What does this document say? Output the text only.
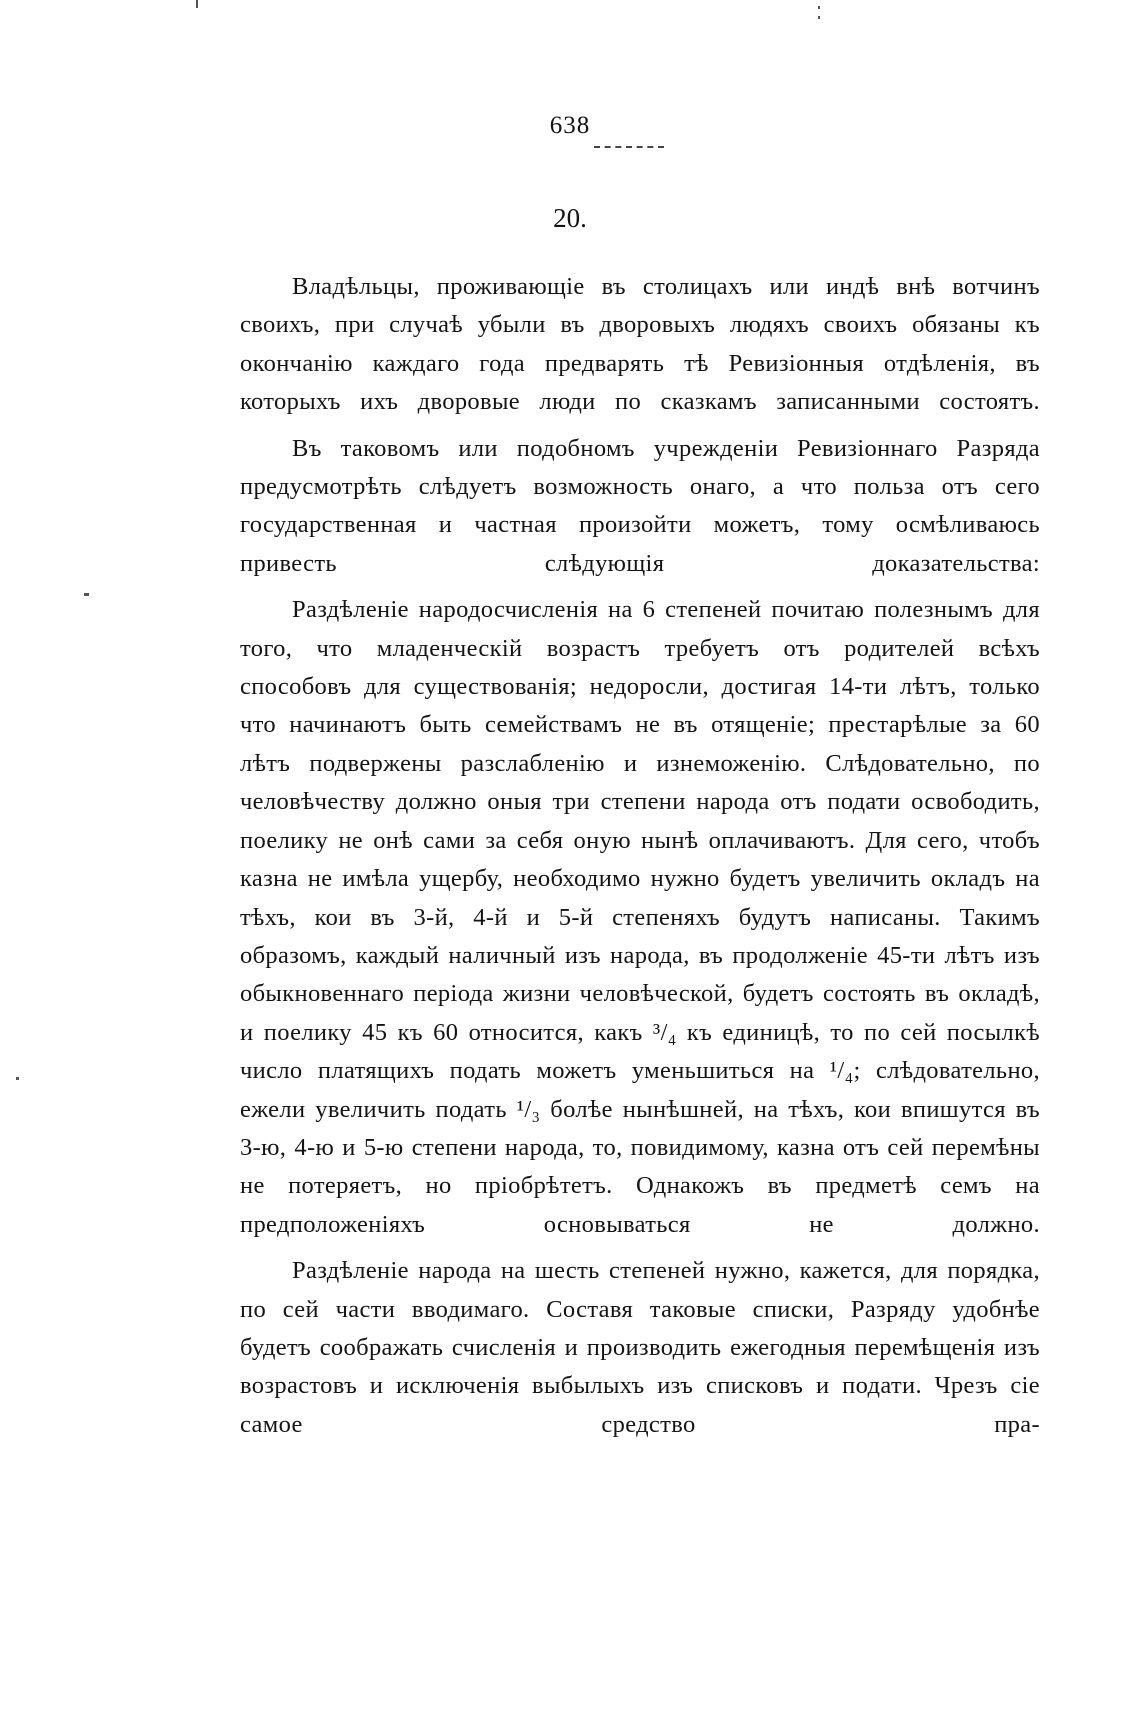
638
20.

Владѣльцы, проживающіе въ столицахъ или индѣ внѣ вотчинъ своихъ, при случаѣ убыли въ дворовыхъ людяхъ своихъ обязаны къ окончанію каждаго года предварять тѣ Ревизіонныя отдѣленія, въ которыхъ ихъ дворовые люди по сказкамъ записанными состоятъ.

Въ таковомъ или подобномъ учрежденіи Ревизіоннаго Разряда предусмотрѣть слѣдуетъ возможность онаго, а что польза отъ сего государственная и частная произойти можетъ, тому осмѣливаюсь привесть слѣдующія доказательства:

Раздѣленіе народосчисленія на 6 степеней почитаю полезнымъ для того, что младенческій возрастъ требуетъ отъ родителей всѣхъ способовъ для существованія; недоросли, достигая 14-ти лѣтъ, только что начинаютъ быть семействамъ не въ отященіе; престарѣлые за 60 лѣтъ подвержены разслабленію и изнеможенію. Слѣдовательно, по человѣчеству должно оныя три степени народа отъ подати освободить, поелику не онѣ сами за себя оную нынѣ оплачиваютъ. Для сего, чтобъ казна не имѣла ущербу, необходимо нужно будетъ увеличить окладъ на тѣхъ, кои въ 3-й, 4-й и 5-й степеняхъ будутъ написаны. Такимъ образомъ, каждый наличный изъ народа, въ продолженіе 45-ти лѣтъ изъ обыкновеннаго періода жизни человѣческой, будетъ состоять въ окладѣ, и поелику 45 къ 60 относится, какъ ³/₄ къ единицѣ, то по сей посылкѣ число платящихъ подать можетъ уменьшиться на ¹/₄; слѣдовательно, ежели увеличить подать ¹/₃ болѣе нынѣшней, на тѣхъ, кои впишутся въ 3-ю, 4-ю и 5-ю степени народа, то, повидимому, казна отъ сей перемѣны не потеряетъ, но пріобрѣтетъ. Однакожъ въ предметѣ семъ на предположеніяхъ основываться не должно.

Раздѣленіе народа на шесть степеней нужно, кажется, для порядка, по сей части вводимаго. Составя таковые списки, Разряду удобнѣе будетъ соображать счисленія и производить ежегодныя перемѣщенія изъ возрастовъ и исключенія выбылыхъ изъ списковъ и подати. Чрезъ сіе самое средство пра-
